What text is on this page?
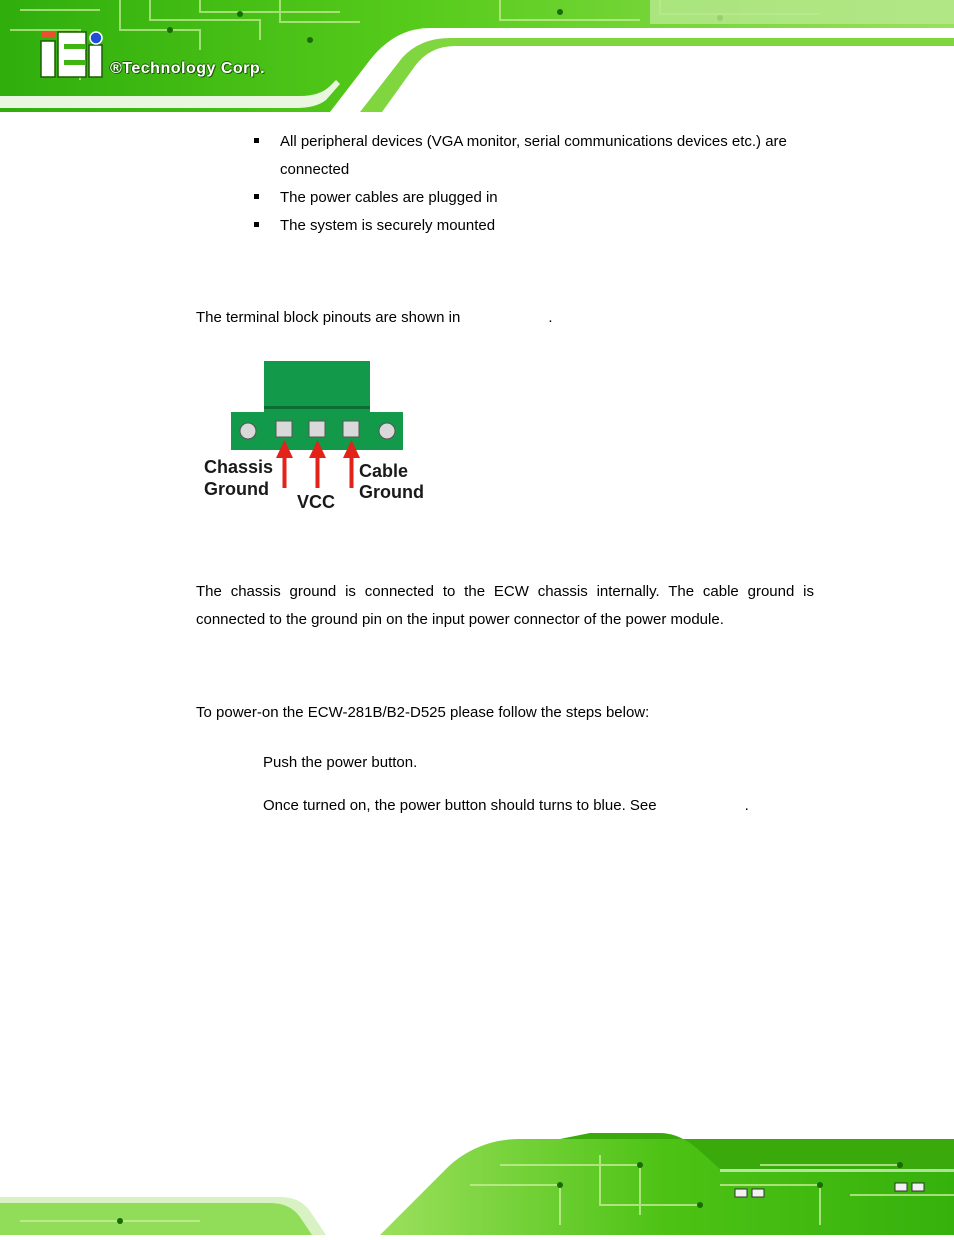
®Technology Corp.
All peripheral devices (VGA monitor, serial communications devices etc.) are connected
The power cables are plugged in
The system is securely mounted

The terminal block pinouts are shown in	.

Chassis
Ground
VCC
Cable
Ground

The chassis ground is connected to the ECW chassis internally. The cable ground is connected to the ground pin on the input power connector of the power module.

To power-on the ECW-281B/B2-D525 please follow the steps below:

Push the power button.

Once turned on, the power button should turns to blue. See	.
